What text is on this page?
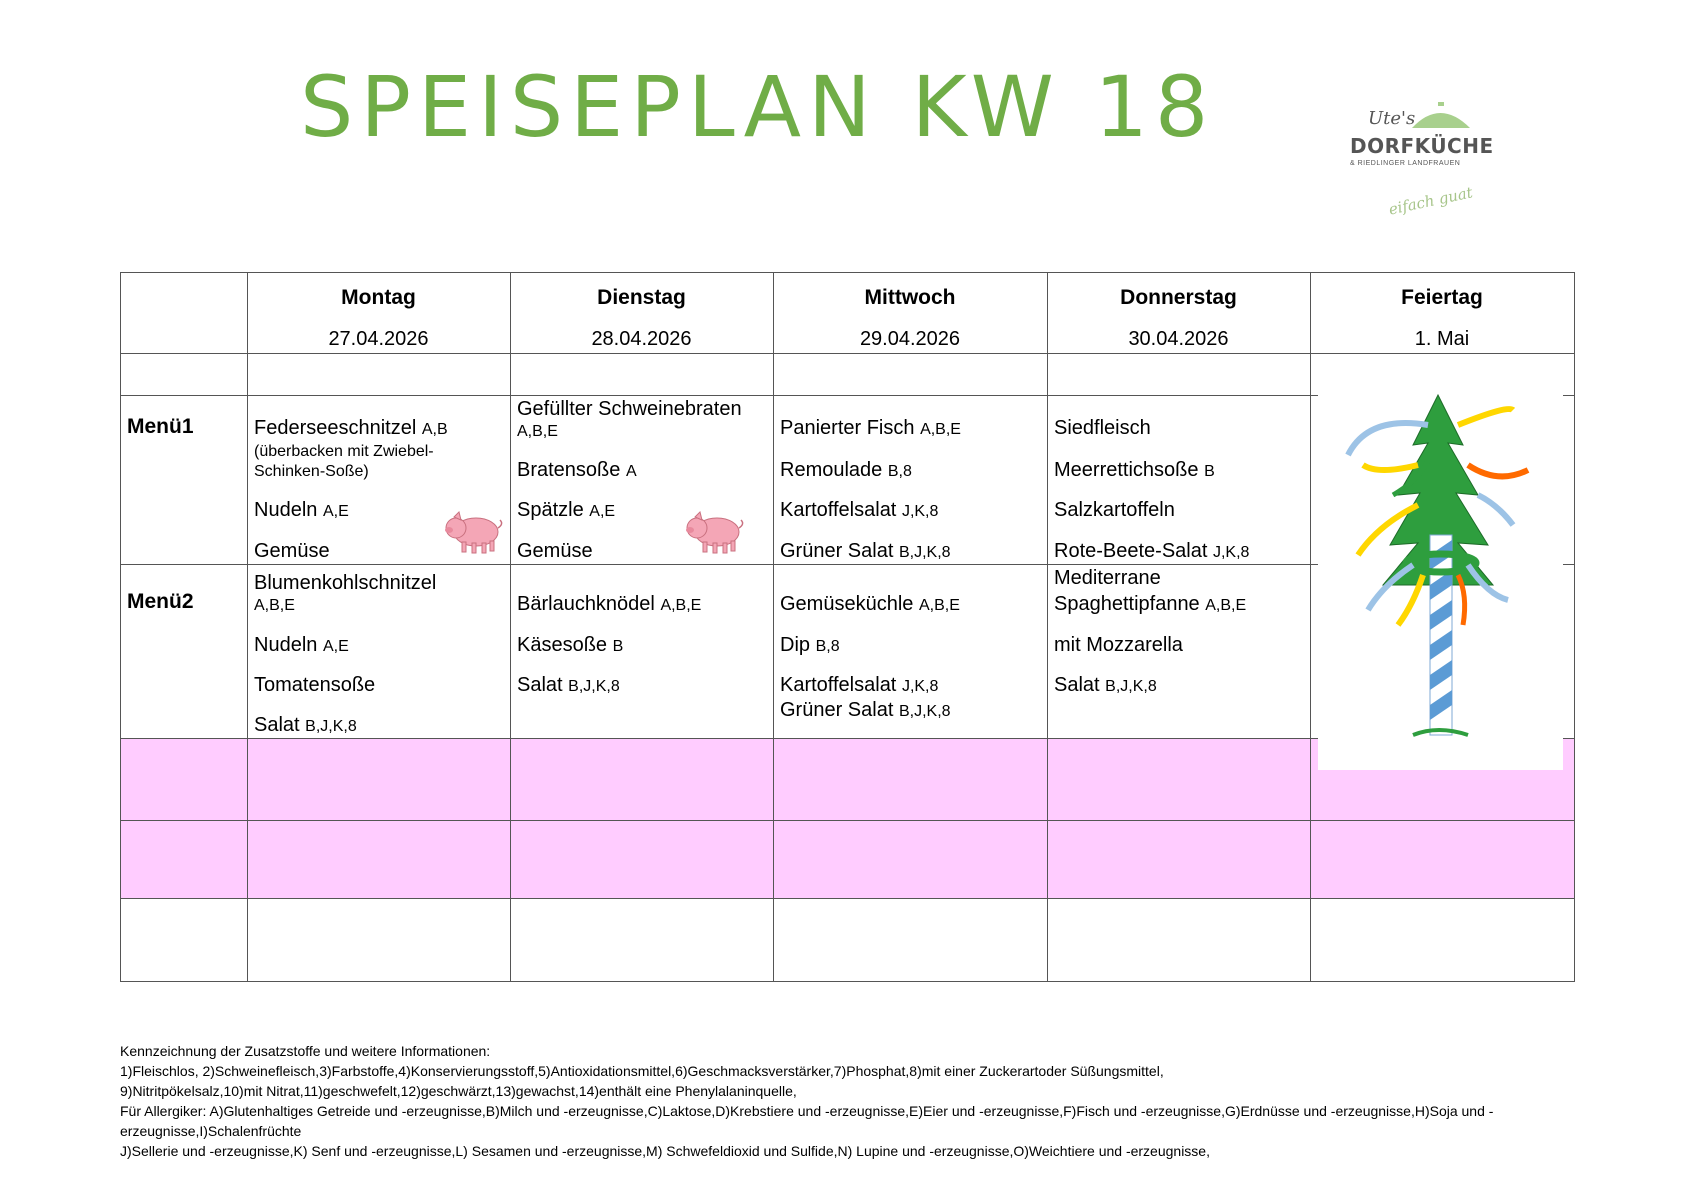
SPEISEPLAN KW 18	Ute's
DORFKÜCHE
& RIEDLINGER LANDFRAUEN
eifach guat
Montag
27.04.2026
Dienstag
28.04.2026
Mittwoch
29.04.2026
Donnerstag
30.04.2026
Feiertag
1. Mai
Menü1
Menü2
Federseeschnitzel A,B
(überbacken mit Zwiebel-
Schinken-Soße)
Nudeln A,E
Gemüse
Gefüllter Schweinebraten
A,B,E
Bratensoße A
Spätzle A,E
Gemüse
Panierter Fisch A,B,E
Remoulade B,8
Kartoffelsalat J,K,8
Grüner Salat B,J,K,8
Siedfleisch
Meerrettichsoße B
Salzkartoffeln
Rote-Beete-Salat J,K,8
Blumenkohlschnitzel
A,B,E
Nudeln A,E
Tomatensoße
Salat B,J,K,8
Bärlauchknödel A,B,E
Käsesoße B
Salat B,J,K,8
Gemüseküchle A,B,E
Dip B,8
Kartoffelsalat J,K,8
Grüner Salat B,J,K,8
Mediterrane
Spaghettipfanne A,B,E
mit Mozzarella
Salat B,J,K,8
Kennzeichnung der Zusatzstoffe und weitere Informationen:
1)Fleischlos, 2)Schweinefleisch,3)Farbstoffe,4)Konservierungsstoff,5)Antioxidationsmittel,6)Geschmacksverstärker,7)Phosphat,8)mit einer Zuckerartoder Süßungsmittel,
9)Nitritpökelsalz,10)mit Nitrat,11)geschwefelt,12)geschwärzt,13)gewachst,14)enthält eine Phenylalaninquelle,
Für Allergiker: A)Glutenhaltiges Getreide und -erzeugnisse,B)Milch und -erzeugnisse,C)Laktose,D)Krebstiere und -erzeugnisse,E)Eier und -erzeugnisse,F)Fisch und -erzeugnisse,G)Erdnüsse und -erzeugnisse,H)Soja und -erzeugnisse,I)Schalenfrüchte
J)Sellerie und -erzeugnisse,K) Senf und -erzeugnisse,L) Sesamen und -erzeugnisse,M) Schwefeldioxid und Sulfide,N) Lupine und -erzeugnisse,O)Weichtiere und -erzeugnisse,
